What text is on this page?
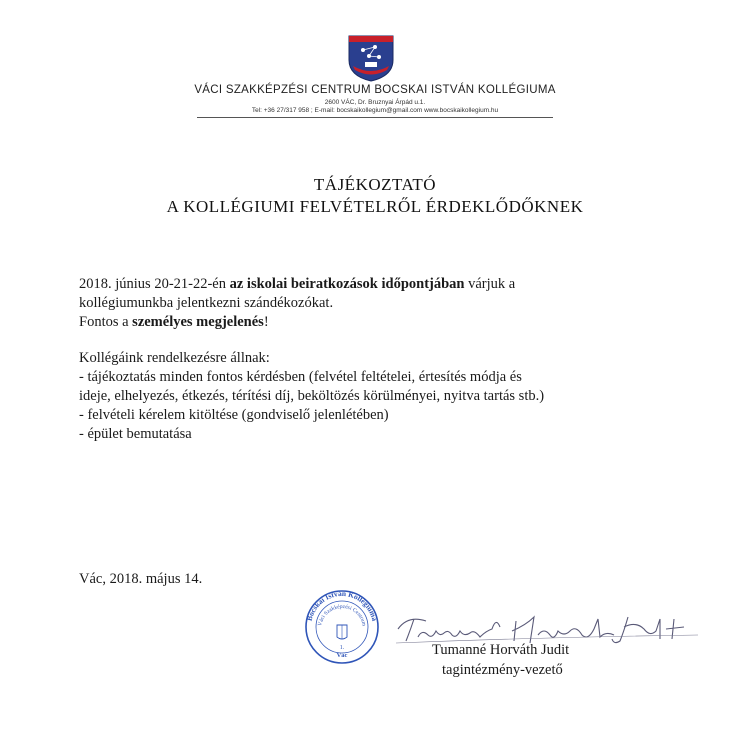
VÁCI SZAKKÉPZÉSI CENTRUM BOCSKAI ISTVÁN KOLLÉGIUMA
2600 VÁC, Dr. Bruznyai Árpád u.1.
Tel: +36 27/317 958 ; E-mail: bocskaikollegium@gmail.com www.bocskaikollegium.hu
TÁJÉKOZTATÓ
A KOLLÉGIUMI FELVÉTELRŐL ÉRDEKLŐDŐKNEK
2018. június 20-21-22-én az iskolai beiratkozások időpontjában várjuk a
kollégiumunkba jelentkezni szándékozókat.
Fontos a személyes megjelenés!
Kollégáink rendelkezésre állnak:
- tájékoztatás minden fontos kérdésben (felvétel feltételei, értesítés módja és
ideje, elhelyezés, étkezés, térítési díj, beköltözés körülményei, nyitva tartás stb.)
- felvételi kérelem kitöltése (gondviselő jelenlétében)
- épület bemutatása
Vác, 2018. május 14.
Bocskai István Kollégiuma
Váci Szakképzési Centrum
1.
Vác	Tumanné Horváth Judit
tagintézmény-vezető
